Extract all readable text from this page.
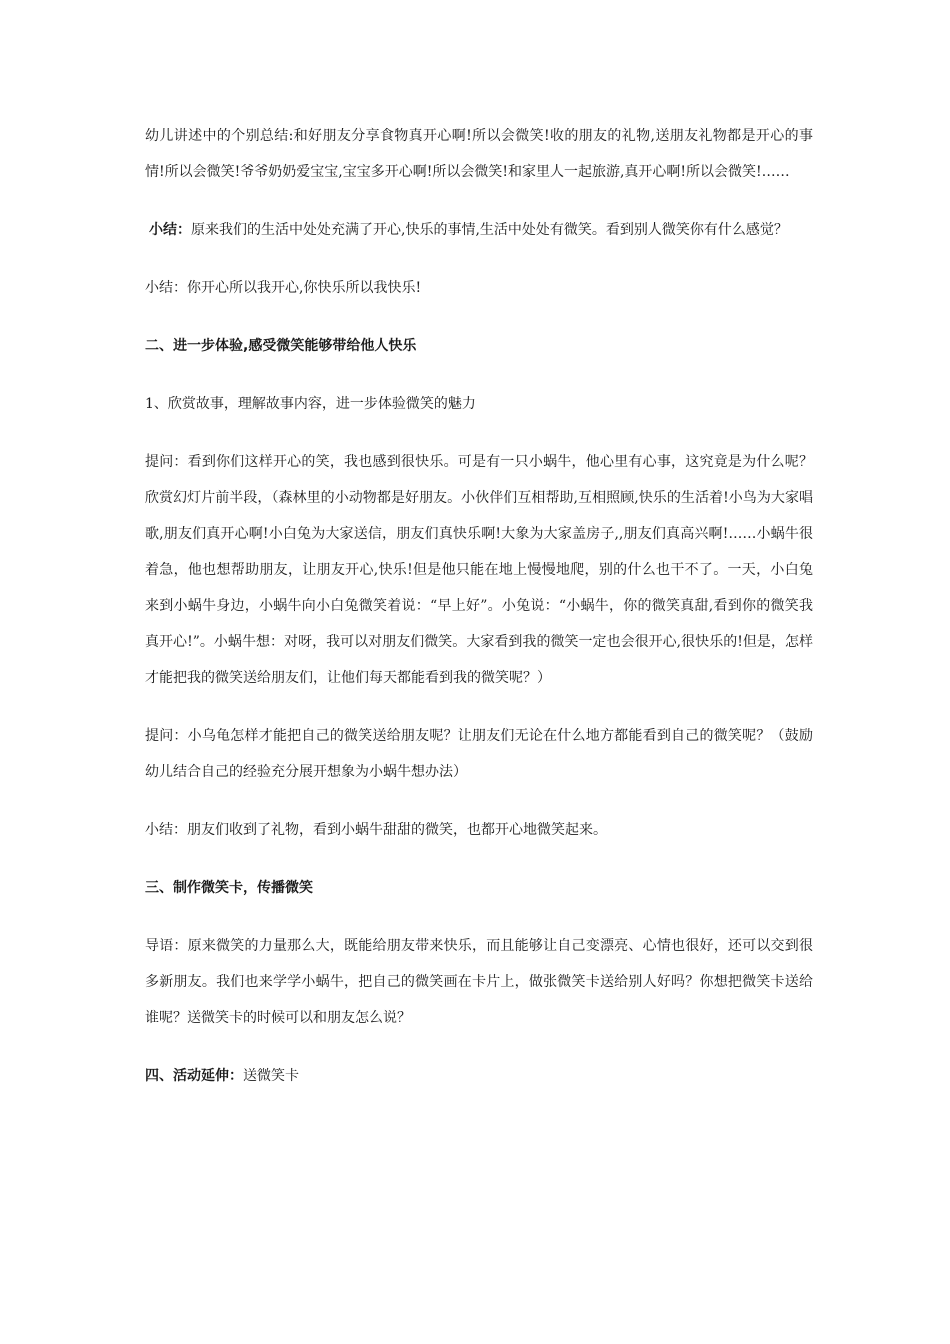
幼儿讲述中的个别总结:和好朋友分享食物真开心啊!所以会微笑!收的朋友的礼物,送朋友礼物都是开心的事情!所以会微笑!爷爷奶奶爱宝宝,宝宝多开心啊!所以会微笑!和家里人一起旅游,真开心啊!所以会微笑!……

小结：原来我们的生活中处处充满了开心,快乐的事情,生活中处处有微笑。看到别人微笑你有什么感觉？

小结：你开心所以我开心,你快乐所以我快乐!

二、进一步体验,感受微笑能够带给他人快乐

1、欣赏故事，理解故事内容，进一步体验微笑的魅力

提问：看到你们这样开心的笑，我也感到很快乐。可是有一只小蜗牛，他心里有心事，这究竟是为什么呢？欣赏幻灯片前半段，（森林里的小动物都是好朋友。小伙伴们互相帮助,互相照顾,快乐的生活着!小鸟为大家唱歌,朋友们真开心啊!小白兔为大家送信，朋友们真快乐啊!大象为大家盖房子,,朋友们真高兴啊!……小蜗牛很着急，他也想帮助朋友，让朋友开心,快乐!但是他只能在地上慢慢地爬，别的什么也干不了。一天，小白兔来到小蜗牛身边，小蜗牛向小白兔微笑着说：“早上好”。小兔说：“小蜗牛，你的微笑真甜,看到你的微笑我真开心!”。小蜗牛想：对呀，我可以对朋友们微笑。大家看到我的微笑一定也会很开心,很快乐的!但是，怎样才能把我的微笑送给朋友们，让他们每天都能看到我的微笑呢？）

提问：小乌龟怎样才能把自己的微笑送给朋友呢？让朋友们无论在什么地方都能看到自己的微笑呢？（鼓励幼儿结合自己的经验充分展开想象为小蜗牛想办法）

小结：朋友们收到了礼物，看到小蜗牛甜甜的微笑，也都开心地微笑起来。

三、制作微笑卡，传播微笑

导语：原来微笑的力量那么大，既能给朋友带来快乐，而且能够让自己变漂亮、心情也很好，还可以交到很多新朋友。我们也来学学小蜗牛，把自己的微笑画在卡片上，做张微笑卡送给别人好吗？你想把微笑卡送给谁呢？送微笑卡的时候可以和朋友怎么说？

四、活动延伸：送微笑卡
